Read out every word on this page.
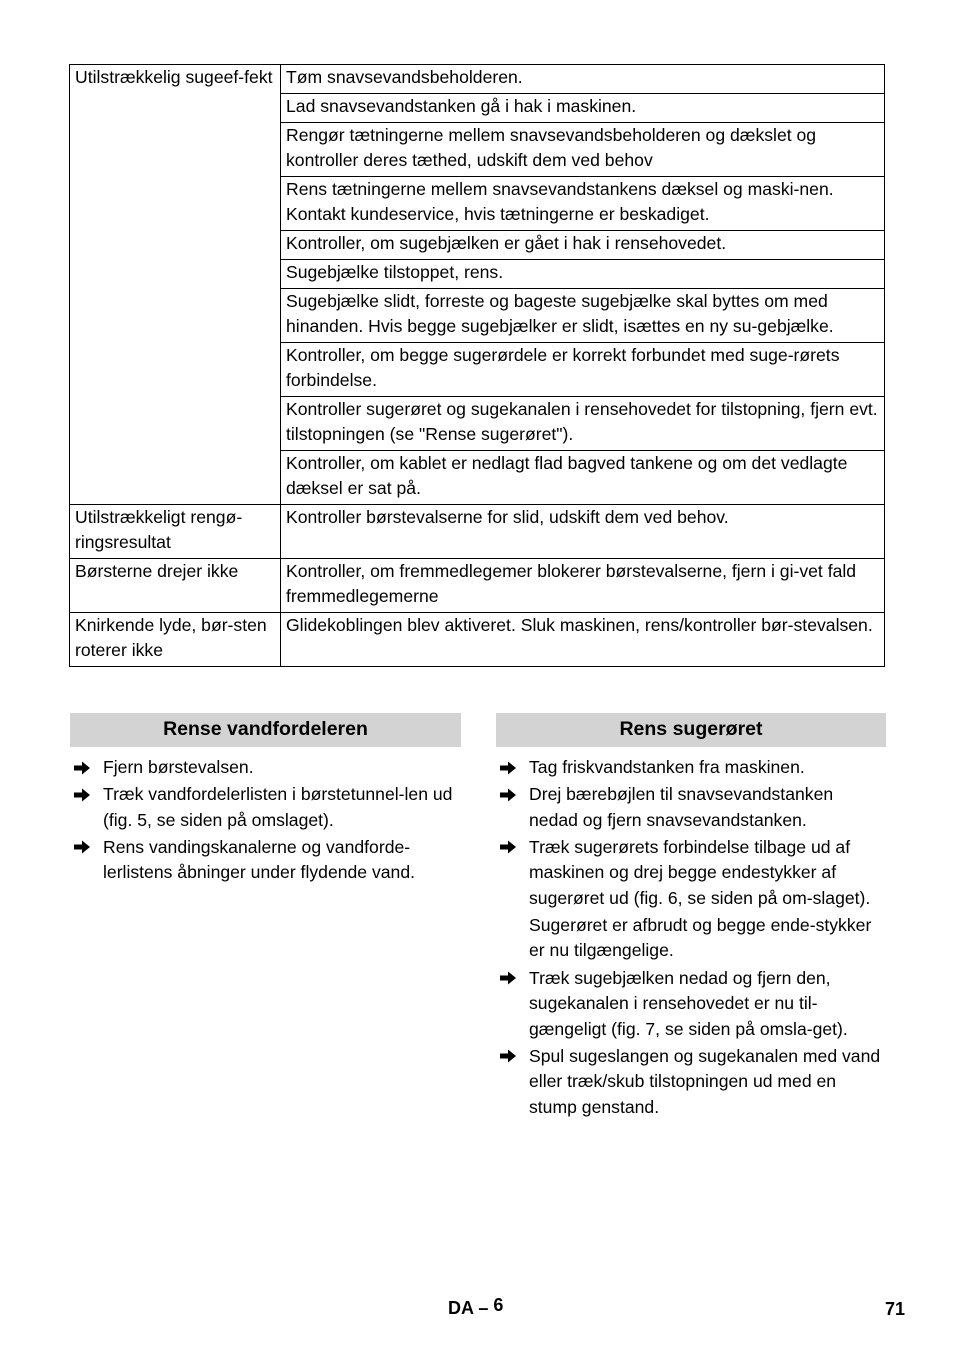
Utilstrækkelig sugeef-fekt	Tøm snavsevandsbeholderen.
	Lad snavsevandstanken gå i hak i maskinen.
	Rengør tætningerne mellem snavsevandsbeholderen og dækslet og kontroller deres tæthed, udskift dem ved behov
	Rens tætningerne mellem snavsevandstankens dæksel og maski-nen. Kontakt kundeservice, hvis tætningerne er beskadiget.
	Kontroller, om sugebjælken er gået i hak i rensehovedet.
	Sugebjælke tilstoppet, rens.
	Sugebjælke slidt, forreste og bageste sugebjælke skal byttes om med hinanden. Hvis begge sugebjælker er slidt, isættes en ny su-gebjælke.
	Kontroller, om begge sugerørdele er korrekt forbundet med suge-rørets forbindelse.
	Kontroller sugerøret og sugekanalen i rensehovedet for tilstopning, fjern evt. tilstopningen (se "Rense sugerøret").
	Kontroller, om kablet er nedlagt flad bagved tankene og om det vedlagte dæksel er sat på.
Utilstrækkeligt rengø-ringsresultat	Kontroller børstevalserne for slid, udskift dem ved behov.
Børsterne drejer ikke	Kontroller, om fremmedlegemer blokerer børstevalserne, fjern i gi-vet fald fremmedlegemerne
Knirkende lyde, bør-sten roterer ikke	Glidekoblingen blev aktiveret. Sluk maskinen, rens/kontroller bør-stevalsen.
Rense vandfordeleren
Fjern børstevalsen.
Træk vandfordelerlisten i børstetunnel-len ud (fig. 5, se siden på omslaget).
Rens vandingskanalerne og vandforde-lerlistens åbninger under flydende vand.
Rens sugerøret
Tag friskvandstanken fra maskinen.
Drej bærebøjlen til snavsevandstanken nedad og fjern snavsevandstanken.
Træk sugerørets forbindelse tilbage ud af maskinen og drej begge endestykker af sugerøret ud (fig. 6, se siden på om-slaget).

Sugerøret er afbrudt og begge ende-stykker er nu tilgængelige.

Træk sugebjælken nedad og fjern den, sugekanalen i rensehovedet er nu til-gængeligt (fig. 7, se siden på omsla-get).
Spul sugeslangen og sugekanalen med vand eller træk/skub tilstopningen ud med en stump genstand.
DA – 6	71
